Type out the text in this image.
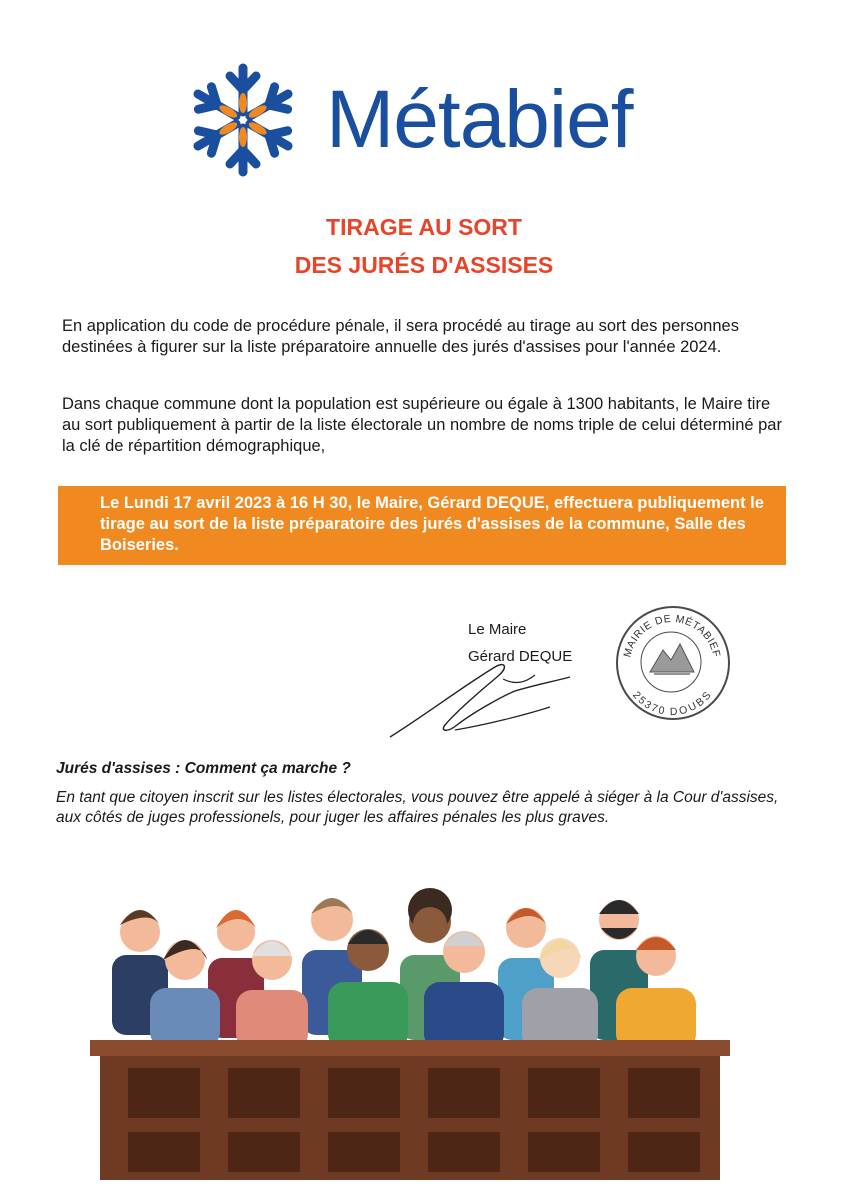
Métabief
TIRAGE AU SORT
DES JURÉS D'ASSISES
En application du code de procédure pénale, il sera procédé au tirage au sort des personnes destinées à figurer sur la liste préparatoire annuelle des jurés d'assises pour l'année 2024.
Dans chaque commune dont la population est supérieure ou égale à 1300 habitants, le Maire tire au sort publiquement à partir de la liste électorale un nombre de noms triple de celui déterminé par la clé de répartition démographique,
Le Lundi 17 avril 2023 à 16 H 30, le Maire, Gérard DEQUE, effectuera publiquement le tirage au sort de la liste préparatoire des jurés d'assises de la commune, Salle des Boiseries.
Le Maire
Gérard DEQUE	MAIRIE DE MÉTABIEF
25370 DOUBS
Jurés d'assises : Comment ça marche ?
En tant que citoyen inscrit sur les listes électorales, vous pouvez être appelé à siéger à la Cour d'assises, aux côtés de juges professionels, pour juger les affaires pénales les plus graves.
